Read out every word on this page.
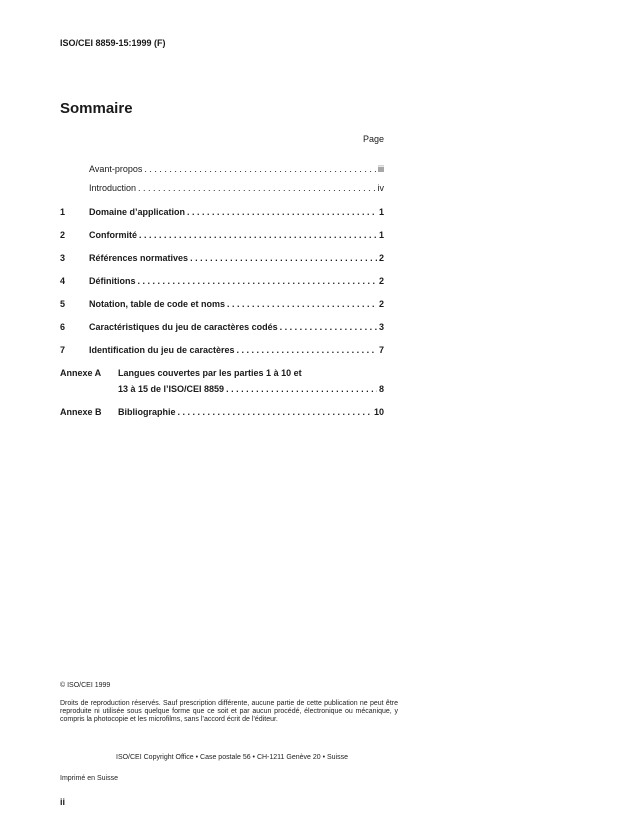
ISO/CEI 8859-15:1999 (F)
Sommaire
Page
Avant-propos . . .	iii
Introduction . . .	iv
1	Domaine d’application . . .	1
2	Conformité . . .	1
3	Références normatives . . .	2
4	Définitions . . .	2
5	Notation, table de code et noms . . .	2
6	Caractéristiques du jeu de caractères codés . . .	3
7	Identification du jeu de caractères . . .	7
Annexe A	Langues couvertes par les parties 1 à 10 et
13 à 15 de l’ISO/CEI 8859 . . .	8
Annexe B	Bibliographie . . .	10
© ISO/CEI 1999
Droits de reproduction réservés. Sauf prescription différente, aucune partie de cette publication ne peut être reproduite ni utilisée sous quelque forme que ce soit et par aucun procédé, électronique ou mécanique, y compris la photocopie et les microfilms, sans l’accord écrit de l’éditeur.
ISO/CEI Copyright Office • Case postale 56 • CH-1211 Genève 20 • Suisse
Imprimé en Suisse
ii
